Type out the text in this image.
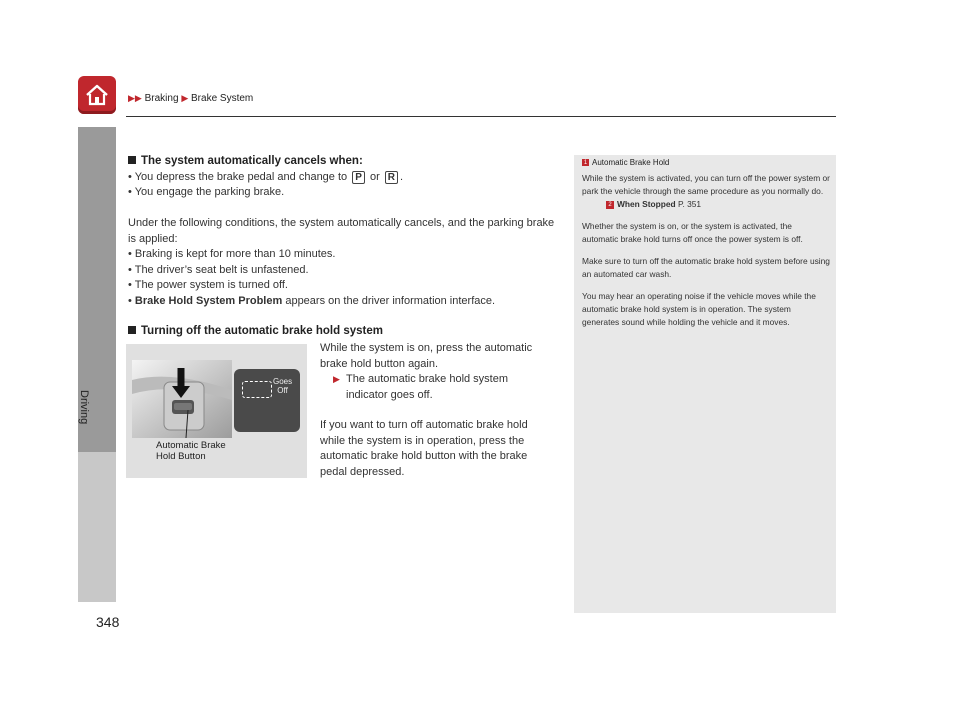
▶▶ Braking ▶ Brake System
Driving
348
The system automatically cancels when:
• You depress the brake pedal and change to P or R .
• You engage the parking brake.
Under the following conditions, the system automatically cancels, and the parking brake is applied:
• Braking is kept for more than 10 minutes.
• The driver’s seat belt is unfastened.
• The power system is turned off.
• Brake Hold System Problem appears on the driver information interface.
Turning off the automatic brake hold system
While the system is on, press the automatic brake hold button again.
▶ The automatic brake hold system indicator goes off.
If you want to turn off automatic brake hold while the system is in operation, press the automatic brake hold button with the brake pedal depressed.
Goes
Off
Automatic Brake
Hold Button
1 Automatic Brake Hold

While the system is activated, you can turn off the power system or park the vehicle through the same procedure as you normally do.

2 When Stopped P. 351

Whether the system is on, or the system is activated, the automatic brake hold turns off once the power system is off.

Make sure to turn off the automatic brake hold system before using an automated car wash.

You may hear an operating noise if the vehicle moves while the automatic brake hold system is in operation. The system generates sound while holding the vehicle and it moves.
